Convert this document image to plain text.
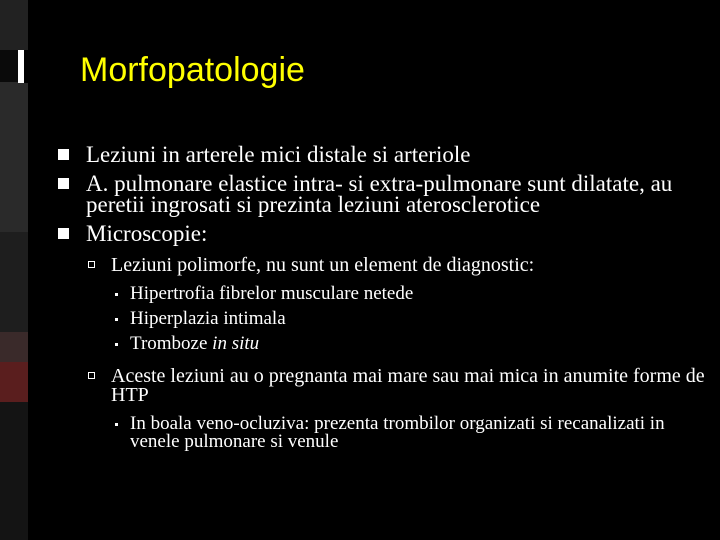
Morfopatologie
Leziuni in arterele mici distale si arteriole
A. pulmonare elastice intra- si extra-pulmonare sunt dilatate, au peretii ingrosati si prezinta leziuni aterosclerotice
Microscopie:
Leziuni polimorfe, nu sunt un element de diagnostic:
Hipertrofia fibrelor musculare netede
Hiperplazia intimala
Tromboze in situ
Aceste leziuni au o pregnanta mai mare sau mai mica in anumite forme de HTP
In boala veno-ocluziva: prezenta trombilor organizati si recanalizati in venele pulmonare si venule
